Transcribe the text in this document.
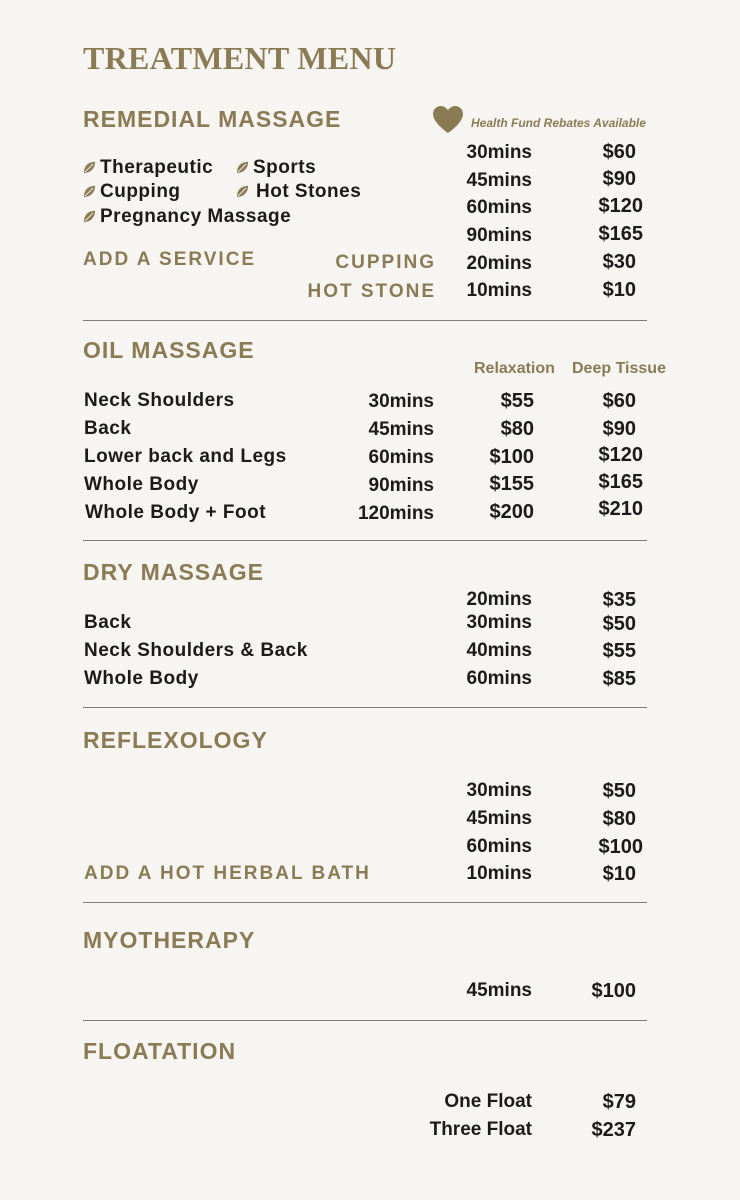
TREATMENT MENU
REMEDIAL MASSAGE	Health Fund Rebates Available
Therapeutic	Sports
Cupping	Hot Stones
Pregnancy Massage
30mins	$60
45mins	$90
60mins	$120
90mins	$165
ADD A SERVICE	CUPPING	20mins	$30
HOT STONE	10mins	$10
OIL MASSAGE
Relaxation Deep Tissue
Neck Shoulders	30mins	$55	$60
Back	45mins	$80	$90
Lower back and Legs	60mins	$100	$120
Whole Body	90mins	$155	$165
Whole Body + Foot	120mins	$200	$210
DRY MASSAGE
20mins	$35
Back	30mins	$50
Neck Shoulders & Back	40mins	$55
Whole Body	60mins	$85
REFLEXOLOGY
30mins	$50
45mins	$80
60mins	$100
ADD A HOT HERBAL BATH	10mins	$10
MYOTHERAPY
45mins	$100
FLOATATION
One Float	$79
Three Float	$237
